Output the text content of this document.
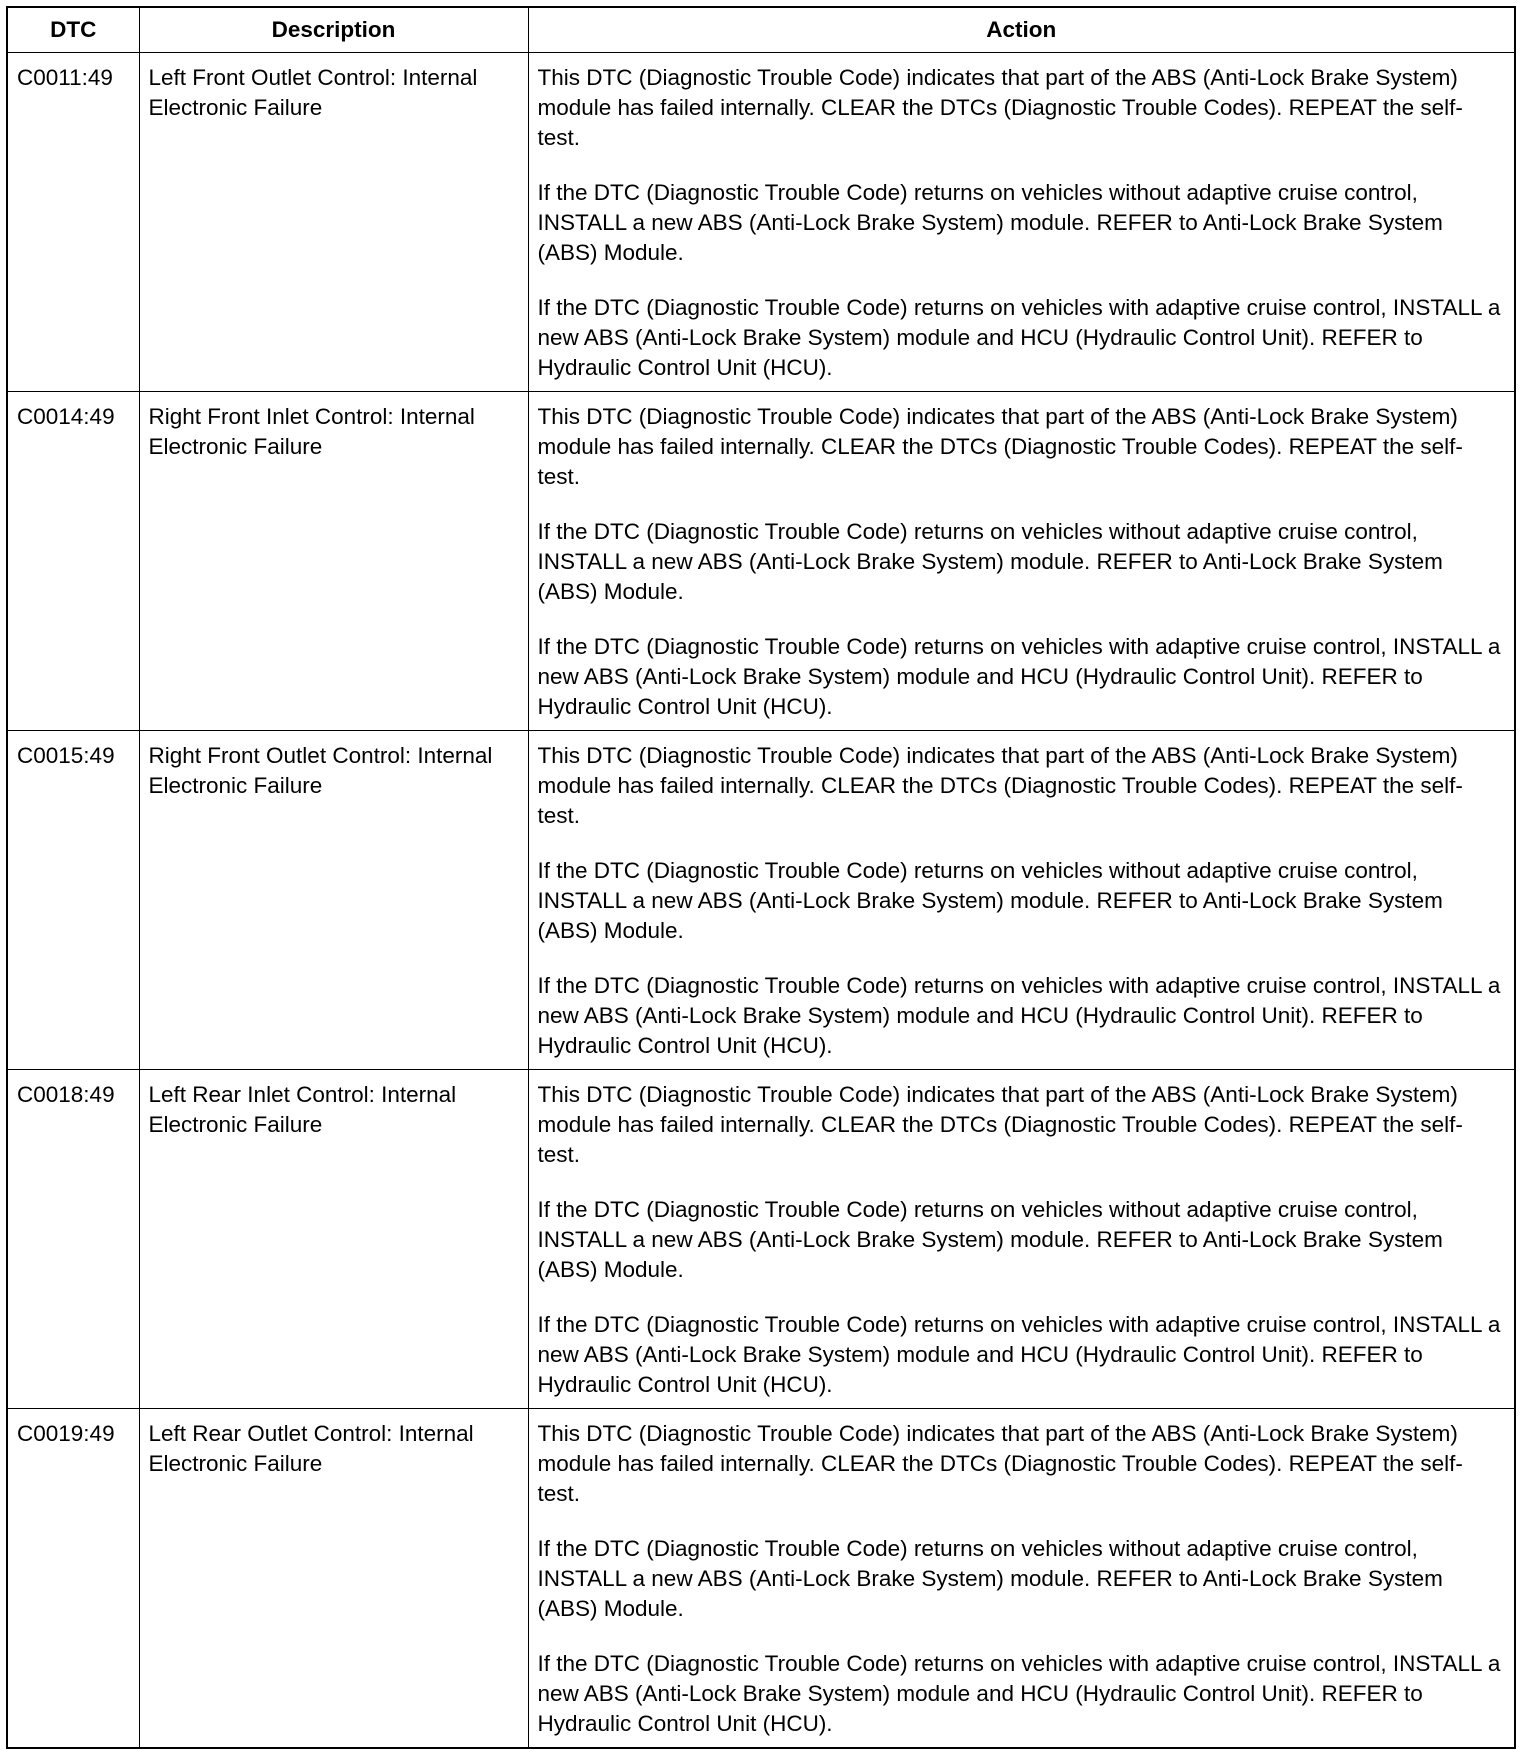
DTC	Description	Action
C0011:49	Left Front Outlet Control: Internal Electronic Failure	This DTC (Diagnostic Trouble Code) indicates that part of the ABS (Anti-Lock Brake System) module has failed internally. CLEAR the DTCs (Diagnostic Trouble Codes). REPEAT the self-test.

If the DTC (Diagnostic Trouble Code) returns on vehicles without adaptive cruise control, INSTALL a new ABS (Anti-Lock Brake System) module. REFER to Anti-Lock Brake System (ABS) Module.

If the DTC (Diagnostic Trouble Code) returns on vehicles with adaptive cruise control, INSTALL a new ABS (Anti-Lock Brake System) module and HCU (Hydraulic Control Unit). REFER to Hydraulic Control Unit (HCU).

C0014:49	Right Front Inlet Control: Internal Electronic Failure	This DTC (Diagnostic Trouble Code) indicates that part of the ABS (Anti-Lock Brake System) module has failed internally. CLEAR the DTCs (Diagnostic Trouble Codes). REPEAT the self-test.

If the DTC (Diagnostic Trouble Code) returns on vehicles without adaptive cruise control, INSTALL a new ABS (Anti-Lock Brake System) module. REFER to Anti-Lock Brake System (ABS) Module.

If the DTC (Diagnostic Trouble Code) returns on vehicles with adaptive cruise control, INSTALL a new ABS (Anti-Lock Brake System) module and HCU (Hydraulic Control Unit). REFER to Hydraulic Control Unit (HCU).

C0015:49	Right Front Outlet Control: Internal Electronic Failure	This DTC (Diagnostic Trouble Code) indicates that part of the ABS (Anti-Lock Brake System) module has failed internally. CLEAR the DTCs (Diagnostic Trouble Codes). REPEAT the self-test.

If the DTC (Diagnostic Trouble Code) returns on vehicles without adaptive cruise control, INSTALL a new ABS (Anti-Lock Brake System) module. REFER to Anti-Lock Brake System (ABS) Module.

If the DTC (Diagnostic Trouble Code) returns on vehicles with adaptive cruise control, INSTALL a new ABS (Anti-Lock Brake System) module and HCU (Hydraulic Control Unit). REFER to Hydraulic Control Unit (HCU).

C0018:49	Left Rear Inlet Control: Internal Electronic Failure	This DTC (Diagnostic Trouble Code) indicates that part of the ABS (Anti-Lock Brake System) module has failed internally. CLEAR the DTCs (Diagnostic Trouble Codes). REPEAT the self-test.

If the DTC (Diagnostic Trouble Code) returns on vehicles without adaptive cruise control, INSTALL a new ABS (Anti-Lock Brake System) module. REFER to Anti-Lock Brake System (ABS) Module.

If the DTC (Diagnostic Trouble Code) returns on vehicles with adaptive cruise control, INSTALL a new ABS (Anti-Lock Brake System) module and HCU (Hydraulic Control Unit). REFER to Hydraulic Control Unit (HCU).

C0019:49	Left Rear Outlet Control: Internal Electronic Failure	This DTC (Diagnostic Trouble Code) indicates that part of the ABS (Anti-Lock Brake System) module has failed internally. CLEAR the DTCs (Diagnostic Trouble Codes). REPEAT the self-test.

If the DTC (Diagnostic Trouble Code) returns on vehicles without adaptive cruise control, INSTALL a new ABS (Anti-Lock Brake System) module. REFER to Anti-Lock Brake System (ABS) Module.

If the DTC (Diagnostic Trouble Code) returns on vehicles with adaptive cruise control, INSTALL a new ABS (Anti-Lock Brake System) module and HCU (Hydraulic Control Unit). REFER to Hydraulic Control Unit (HCU).
